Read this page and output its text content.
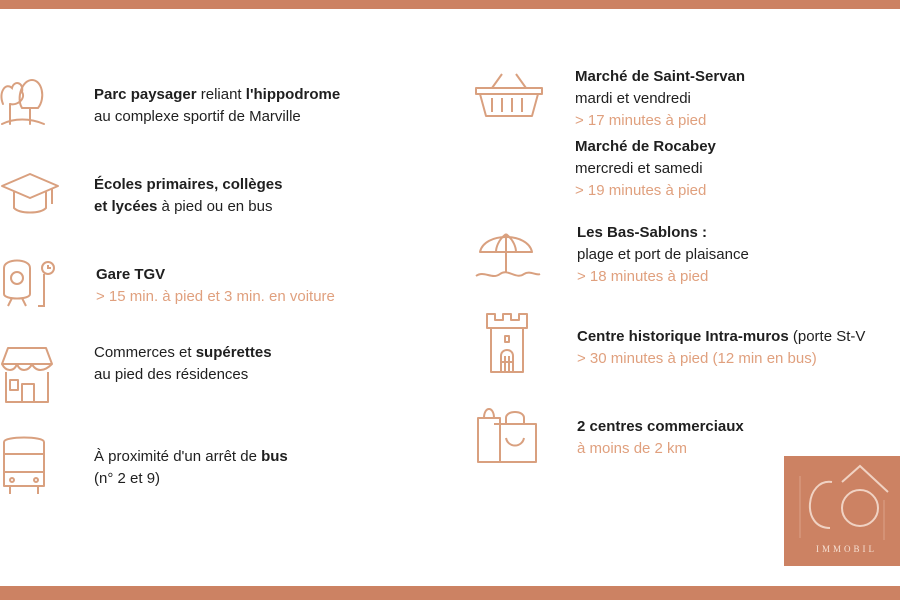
Parc paysager reliant l'hippodrome
au complexe sportif de Marville
Écoles primaires, collèges
et lycées à pied ou en bus
Gare TGV
> 15 min. à pied et 3 min. en voiture
Commerces et supérettes
au pied des résidences
À proximité d'un arrêt de bus
(n° 2 et 9)
Marché de Saint-Servan
mardi et vendredi
> 17 minutes à pied
Marché de Rocabey
mercredi et samedi
> 19 minutes à pied
Les Bas-Sablons :
plage et port de plaisance
> 18 minutes à pied
Centre historique Intra-muros (porte St-V
> 30 minutes à pied (12 min en bus)
2 centres commerciaux
à moins de 2 km
IMMOBIL
